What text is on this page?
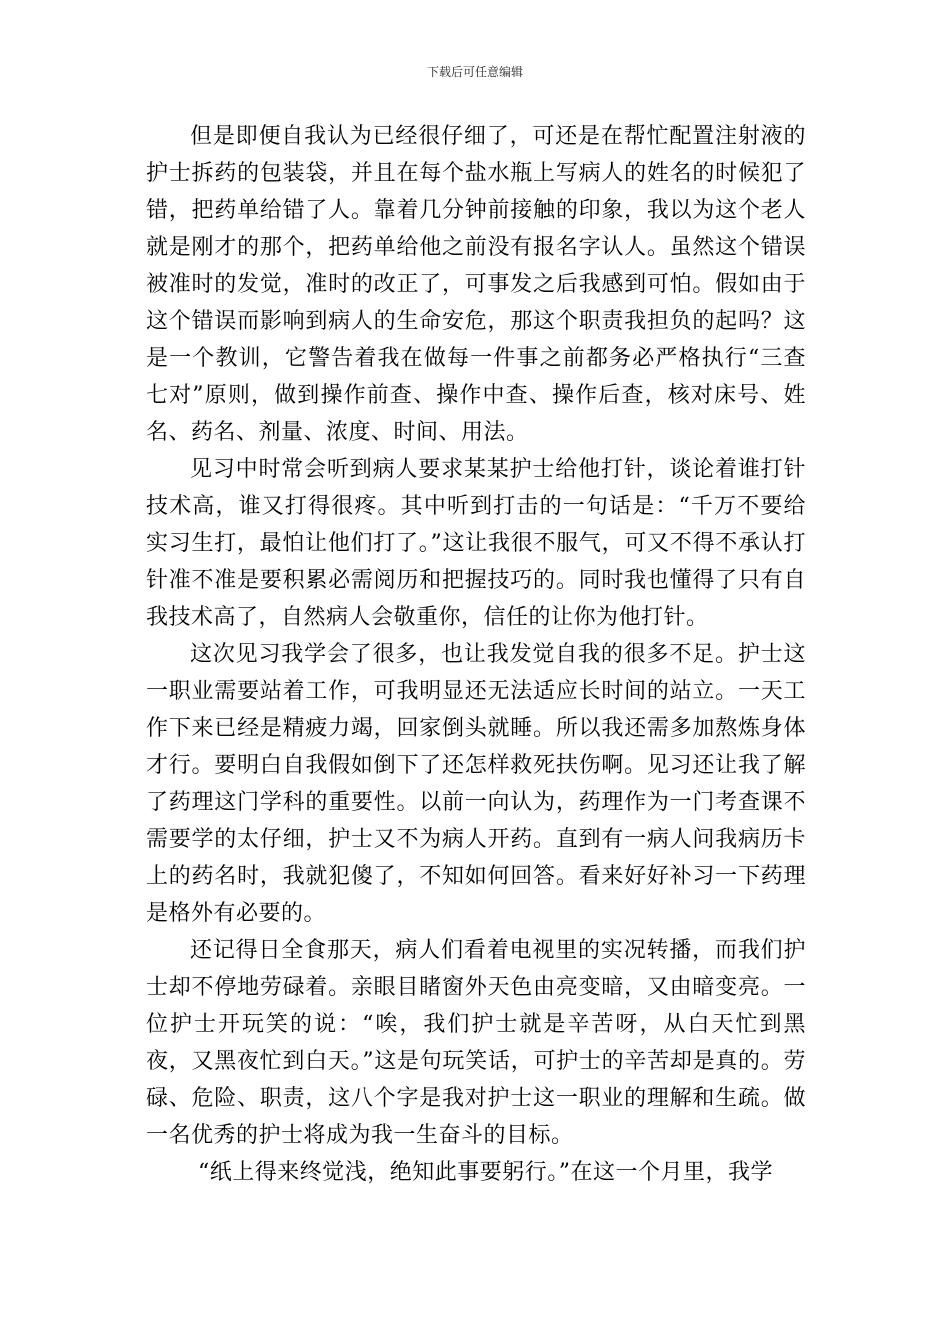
下载后可任意编辑

但是即便自我认为已经很仔细了，可还是在帮忙配置注射液的护士拆药的包装袋，并且在每个盐水瓶上写病人的姓名的时候犯了错，把药单给错了人。靠着几分钟前接触的印象，我以为这个老人就是刚才的那个，把药单给他之前没有报名字认人。虽然这个错误被准时的发觉，准时的改正了，可事发之后我感到可怕。假如由于这个错误而影响到病人的生命安危，那这个职责我担负的起吗？这是一个教训，它警告着我在做每一件事之前都务必严格执行“三查七对”原则，做到操作前查、操作中查、操作后查，核对床号、姓名、药名、剂量、浓度、时间、用法。

见习中时常会听到病人要求某某护士给他打针，谈论着谁打针技术高，谁又打得很疼。其中听到打击的一句话是：“千万不要给实习生打，最怕让他们打了。”这让我很不服气，可又不得不承认打针准不准是要积累必需阅历和把握技巧的。同时我也懂得了只有自我技术高了，自然病人会敬重你，信任的让你为他打针。

这次见习我学会了很多，也让我发觉自我的很多不足。护士这一职业需要站着工作，可我明显还无法适应长时间的站立。一天工作下来已经是精疲力竭，回家倒头就睡。所以我还需多加熬炼身体才行。要明白自我假如倒下了还怎样救死扶伤啊。见习还让我了解了药理这门学科的重要性。以前一向认为，药理作为一门考查课不需要学的太仔细，护士又不为病人开药。直到有一病人问我病历卡上的药名时，我就犯傻了，不知如何回答。看来好好补习一下药理是格外有必要的。

还记得日全食那天，病人们看着电视里的实况转播，而我们护士却不停地劳碌着。亲眼目睹窗外天色由亮变暗，又由暗变亮。一位护士开玩笑的说：“唉，我们护士就是辛苦呀，从白天忙到黑夜，又黑夜忙到白天。”这是句玩笑话，可护士的辛苦却是真的。劳碌、危险、职责，这八个字是我对护士这一职业的理解和生疏。做一名优秀的护士将成为我一生奋斗的目标。

“纸上得来终觉浅，绝知此事要躬行。”在这一个月里，我学
